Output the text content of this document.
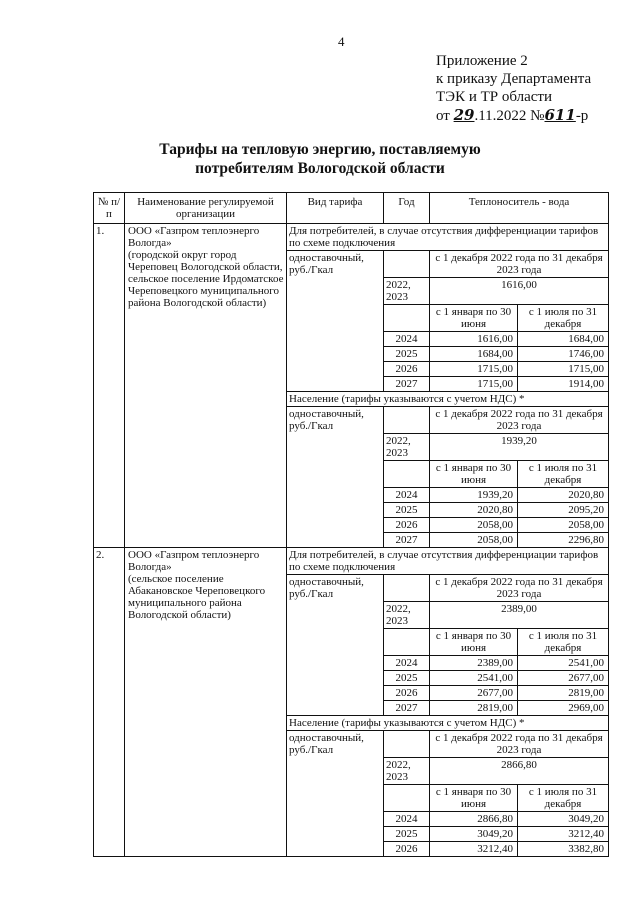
4
Приложение 2
к приказу Департамента
ТЭК и ТР области
от 29.11.2022 №611-р
Тарифы на тепловую энергию, поставляемую
потребителям Вологодской области
№ п/п	Наименование регулируемой организации	Вид тарифа	Год	Теплоноситель - вода	
1.	ООО «Газпром теплоэнерго Вологда»
(городской округ город Череповец Вологодской области, сельское поселение Ирдоматское Череповецкого муниципального района Вологодской области)	Для потребителей, в случае отсутствия дифференциации тарифов по схеме подключения			
		одноставочный, руб./Гкал		с 1 декабря 2022 года по 31 декабря 2023 года	
			2022, 2023	1616,00	
				с 1 января по 30 июня	с 1 июля по 31 декабря
			2024	1616,00	1684,00
			2025	1684,00	1746,00
			2026	1715,00	1715,00
			2027	1715,00	1914,00
		Население (тарифы указываются с учетом НДС) *			
		одноставочный, руб./Гкал		с 1 декабря 2022 года по 31 декабря 2023 года	
			2022, 2023	1939,20	
				с 1 января по 30 июня	с 1 июля по 31 декабря
			2024	1939,20	2020,80
			2025	2020,80	2095,20
			2026	2058,00	2058,00
			2027	2058,00	2296,80
2.	ООО «Газпром теплоэнерго Вологда»
(сельское поселение Абакановское Череповецкого муниципального района Вологодской области)	Для потребителей, в случае отсутствия дифференциации тарифов по схеме подключения			
		одноставочный, руб./Гкал		с 1 декабря 2022 года по 31 декабря 2023 года	
			2022, 2023	2389,00	
				с 1 января по 30 июня	с 1 июля по 31 декабря
			2024	2389,00	2541,00
			2025	2541,00	2677,00
			2026	2677,00	2819,00
			2027	2819,00	2969,00
		Население (тарифы указываются с учетом НДС) *			
		одноставочный, руб./Гкал		с 1 декабря 2022 года по 31 декабря 2023 года	
			2022, 2023	2866,80	
				с 1 января по 30 июня	с 1 июля по 31 декабря
			2024	2866,80	3049,20
			2025	3049,20	3212,40
			2026	3212,40	3382,80
